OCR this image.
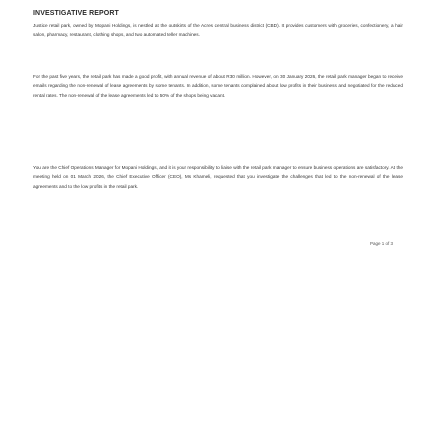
INVESTIGATIVE REPORT

Justice retail park, owned by Mopani Holdings, is nestled at the outskirts of the Acres central business district (CBD). It provides customers with groceries, confectionery, a hair salon, pharmacy, restaurant, clothing shops, and two automated teller machines.

For the past five years, the retail park has made a good profit, with annual revenue of about R30 million. However, on 30 January 2026, the retail park manager began to receive emails regarding the non-renewal of lease agreements by some tenants. In addition, some tenants complained about low profits in their business and negotiated for the reduced rental rates. The non-renewal of the lease agreements led to 50% of the shops being vacant.

You are the Chief Operations Manager for Mopani Holdings, and it is your responsibility to liaise with the retail park manager to ensure business operations are satisfactory. At the meeting held on 01 March 2026, the Chief Executive Officer (CEO), Ms Khameli, requested that you investigate the challenges that led to the non-renewal of the lease agreements and to the low profits in the retail park.

Page 1 of 3
